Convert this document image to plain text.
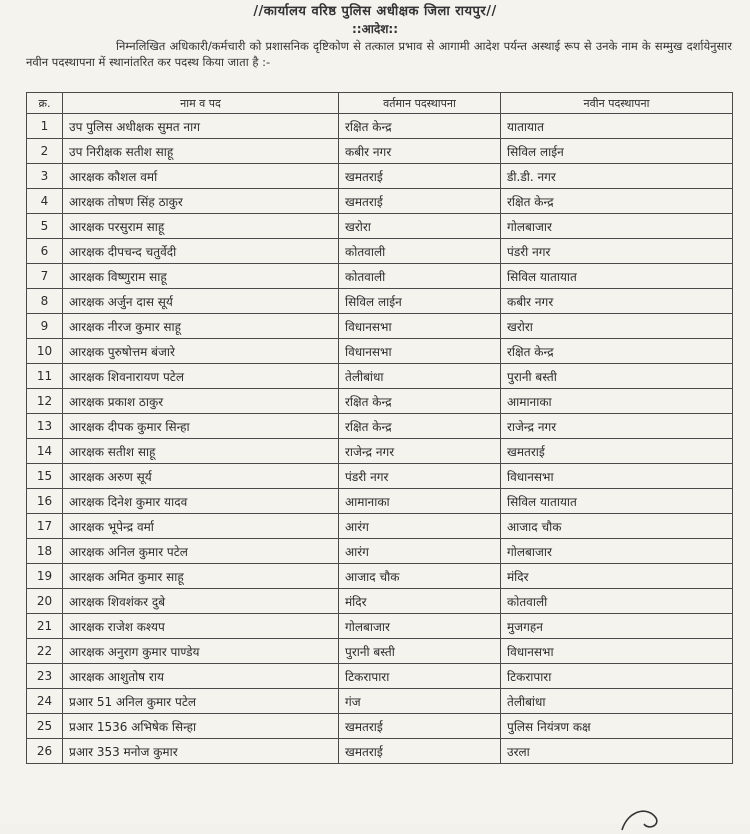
//कार्यालय वरिष्ठ पुलिस अधीक्षक जिला रायपुर//
::आदेश::
निम्नलिखित अधिकारी/कर्मचारी को प्रशासनिक दृष्टिकोण से तत्काल प्रभाव से आगामी आदेश पर्यन्त अस्थाई रूप से उनके नाम के सम्मुख दर्शायेनुसार नवीन पदस्थापना में स्थानांतरित कर पदस्थ किया जाता है :-
क्र.	नाम व पद	वर्तमान पदस्थापना	नवीन पदस्थापना
1	उप पुलिस अधीक्षक सुमत नाग	रक्षित केन्द्र	यातायात
2	उप निरीक्षक सतीश साहू	कबीर नगर	सिविल लाईन
3	आरक्षक कौशल वर्मा	खमतराई	डी.डी. नगर
4	आरक्षक तोषण सिंह ठाकुर	खमतराई	रक्षित केन्द्र
5	आरक्षक परसुराम साहू	खरोरा	गोलबाजार
6	आरक्षक दीपचन्द चतुर्वेदी	कोतवाली	पंडरी नगर
7	आरक्षक विष्णुराम साहू	कोतवाली	सिविल यातायात
8	आरक्षक अर्जुन दास सूर्य	सिविल लाईन	कबीर नगर
9	आरक्षक नीरज कुमार साहू	विधानसभा	खरोरा
10	आरक्षक पुरुषोत्तम बंजारे	विधानसभा	रक्षित केन्द्र
11	आरक्षक शिवनारायण पटेल	तेलीबांधा	पुरानी बस्ती
12	आरक्षक प्रकाश ठाकुर	रक्षित केन्द्र	आमानाका
13	आरक्षक दीपक कुमार सिन्हा	रक्षित केन्द्र	राजेन्द्र नगर
14	आरक्षक सतीश साहू	राजेन्द्र नगर	खमतराई
15	आरक्षक अरुण सूर्य	पंडरी नगर	विधानसभा
16	आरक्षक दिनेश कुमार यादव	आमानाका	सिविल यातायात
17	आरक्षक भूपेन्द्र वर्मा	आरंग	आजाद चौक
18	आरक्षक अनिल कुमार पटेल	आरंग	गोलबाजार
19	आरक्षक अमित कुमार साहू	आजाद चौक	मंदिर
20	आरक्षक शिवशंकर दुबे	मंदिर	कोतवाली
21	आरक्षक राजेश कश्यप	गोलबाजार	मुजगहन
22	आरक्षक अनुराग कुमार पाण्डेय	पुरानी बस्ती	विधानसभा
23	आरक्षक आशुतोष राय	टिकरापारा	टिकरापारा
24	प्रआर 51 अनिल कुमार पटेल	गंज	तेलीबांधा
25	प्रआर 1536 अभिषेक सिन्हा	खमतराई	पुलिस नियंत्रण कक्ष
26	प्रआर 353 मनोज कुमार	खमतराई	उरला
